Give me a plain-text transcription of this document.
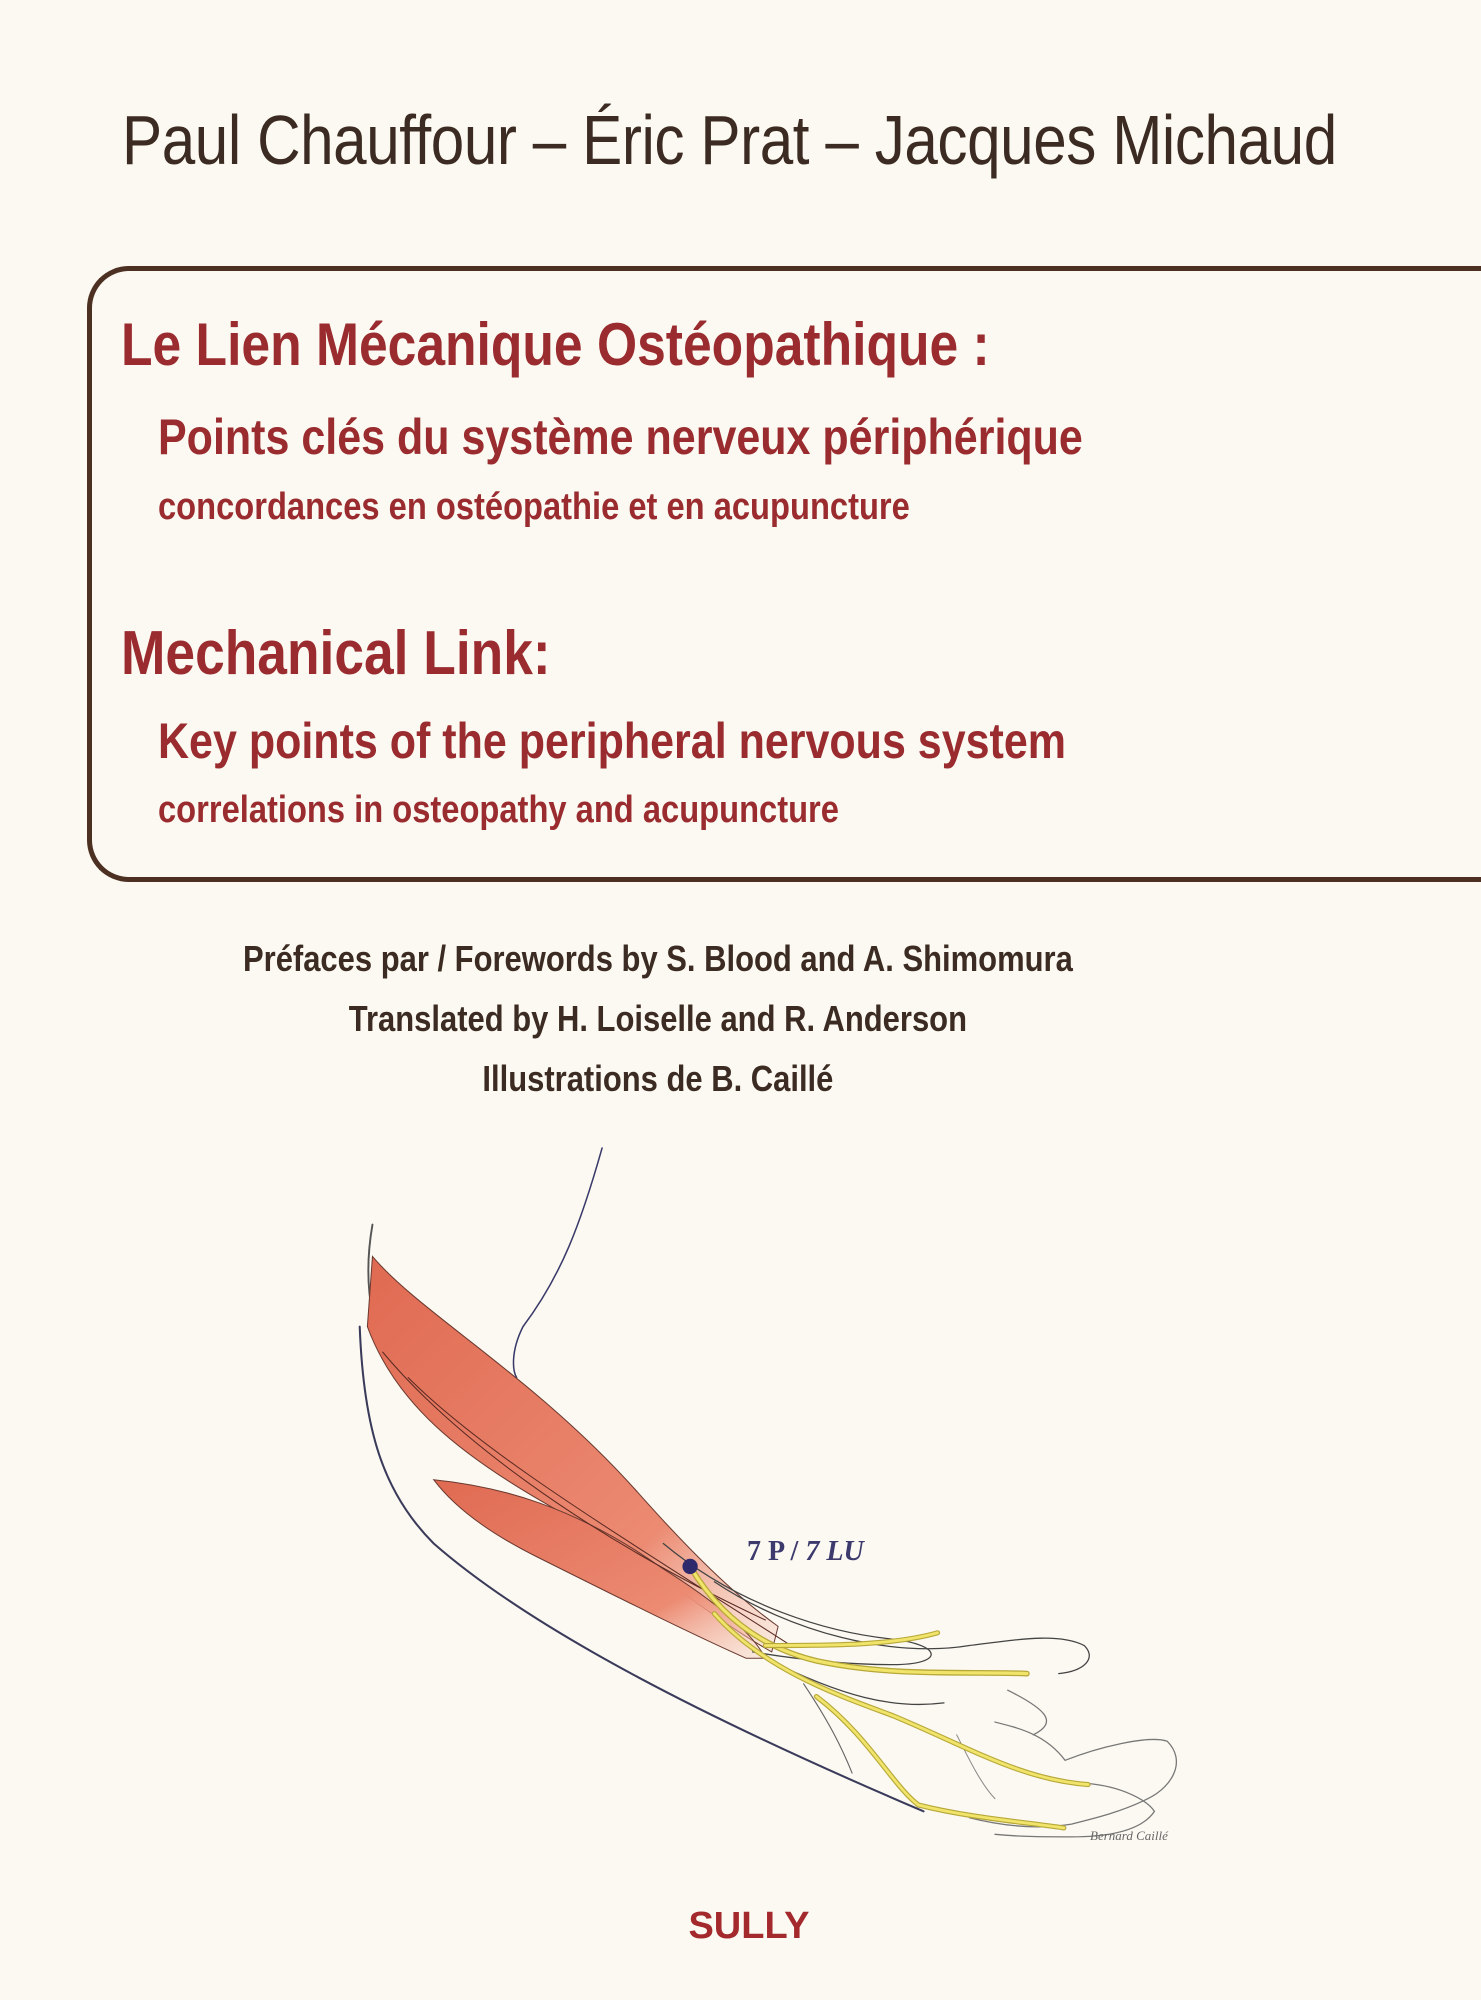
Paul Chauffour – Éric Prat – Jacques Michaud
Le Lien Mécanique Ostéopathique :
Points clés du système nerveux périphérique
concordances en ostéopathie et en acupuncture
Mechanical Link:
Key points of the peripheral nervous system
correlations in osteopathy and acupuncture
Préfaces par / Forewords by S. Blood and A. Shimomura
Translated by H. Loiselle and R. Anderson
Illustrations de B. Caillé
Bernard Caillé
7 P / 7 LU
SULLY
